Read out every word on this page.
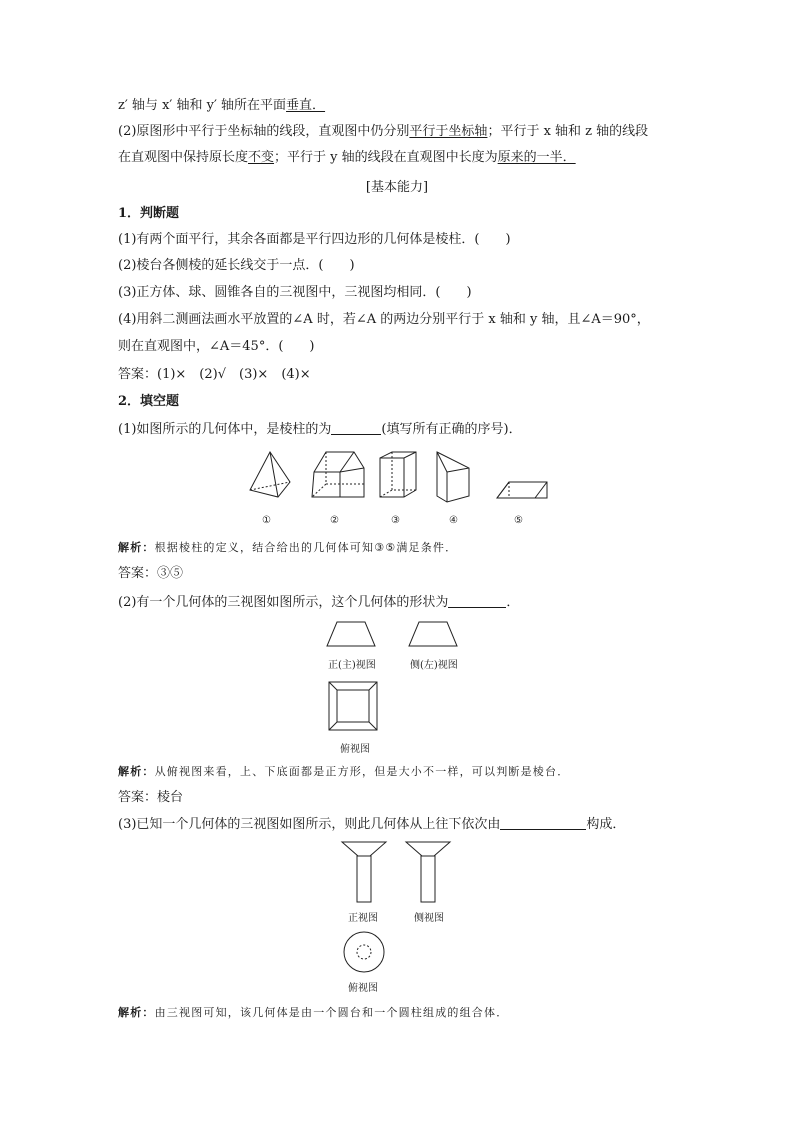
z′ 轴与 x′ 轴和 y′ 轴所在平面垂直．
(2)原图形中平行于坐标轴的线段，直观图中仍分别平行于坐标轴；平行于 x 轴和 z 轴的线段
在直观图中保持原长度不变；平行于 y 轴的线段在直观图中长度为原来的一半．
[基本能力]
1．判断题
(1)有两个面平行，其余各面都是平行四边形的几何体是棱柱．(　　)
(2)棱台各侧棱的延长线交于一点．(　　)
(3)正方体、球、圆锥各自的三视图中，三视图均相同．(　　)
(4)用斜二测画法画水平放置的∠A 时，若∠A 的两边分别平行于 x 轴和 y 轴，且∠A＝90°，
则在直观图中，∠A＝45°．(　　)
答案：(1)×　(2)√　(3)×　(4)×
2．填空题
(1)如图所示的几何体中，是棱柱的为	(填写所有正确的序号)．
①	②	③	④	⑤
解析：根据棱柱的定义，结合给出的几何体可知③⑤满足条件．
答案：③⑤
(2)有一个几何体的三视图如图所示，这个几何体的形状为	．
正(主)视图	侧(左)视图
俯视图
解析：从俯视图来看，上、下底面都是正方形，但是大小不一样，可以判断是棱台．
答案：棱台
(3)已知一个几何体的三视图如图所示，则此几何体从上往下依次由	构成．
正视图	侧视图
俯视图
解析：由三视图可知，该几何体是由一个圆台和一个圆柱组成的组合体．
